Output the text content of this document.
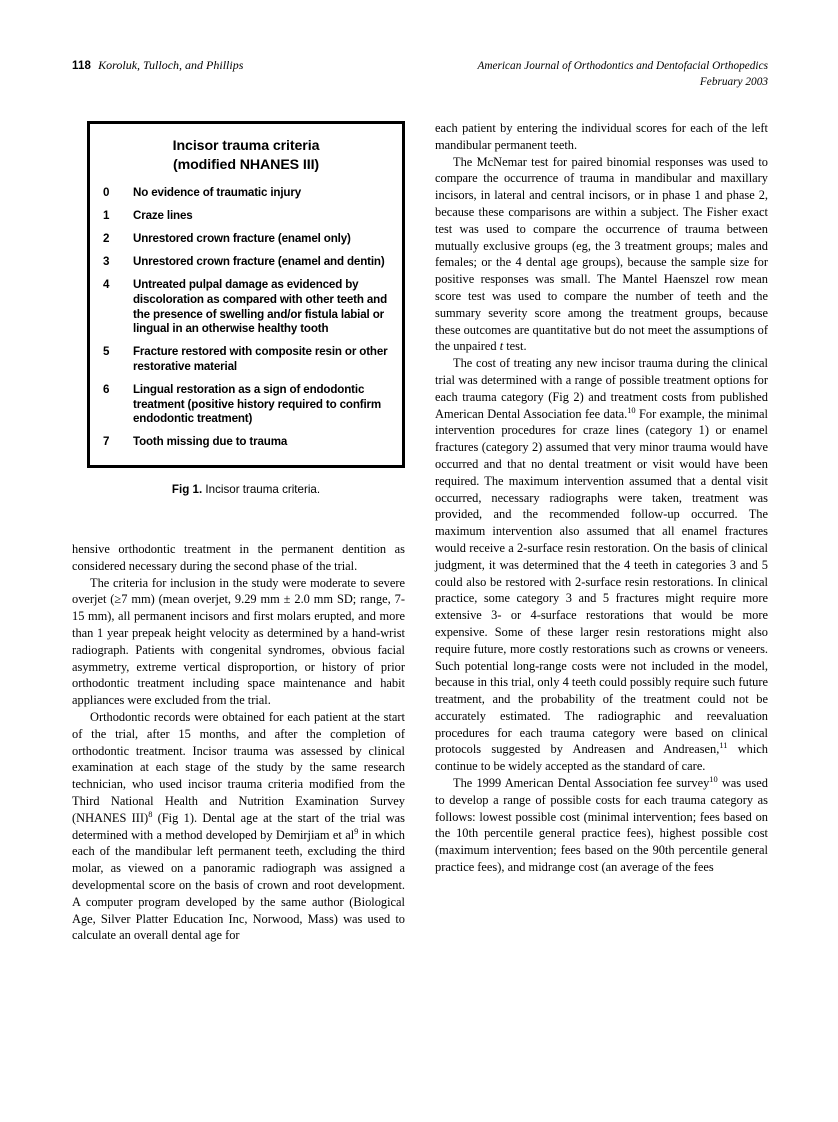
118 Koroluk, Tulloch, and Phillips	American Journal of Orthodontics and Dentofacial Orthopedics
February 2003
Incisor trauma criteria
(modified NHANES III)
0	No evidence of traumatic injury
1	Craze lines
2	Unrestored crown fracture (enamel only)
3	Unrestored crown fracture (enamel and dentin)
4	Untreated pulpal damage as evidenced by discoloration as compared with other teeth and the presence of swelling and/or fistula labial or lingual in an otherwise healthy tooth
5	Fracture restored with composite resin or other restorative material
6	Lingual restoration as a sign of endodontic treatment (positive history required to confirm endodontic treatment)
7	Tooth missing due to trauma
Fig 1. Incisor trauma criteria.

hensive orthodontic treatment in the permanent dentition as considered necessary during the second phase of the trial.

The criteria for inclusion in the study were moderate to severe overjet (≥7 mm) (mean overjet, 9.29 mm ± 2.0 mm SD; range, 7-15 mm), all permanent incisors and first molars erupted, and more than 1 year prepeak height velocity as determined by a hand-wrist radiograph. Patients with congenital syndromes, obvious facial asymmetry, extreme vertical disproportion, or history of prior orthodontic treatment including space maintenance and habit appliances were excluded from the trial.

Orthodontic records were obtained for each patient at the start of the trial, after 15 months, and after the completion of orthodontic treatment. Incisor trauma was assessed by clinical examination at each stage of the study by the same research technician, who used incisor trauma criteria modified from the Third National Health and Nutrition Examination Survey (NHANES III)$^8$ (Fig 1). Dental age at the start of the trial was determined with a method developed by Demirjiam et $al^9$ in which each of the mandibular left permanent teeth, excluding the third molar, as viewed on a panoramic radiograph was assigned a developmental score on the basis of crown and root development. A computer program developed by the same author (Biological Age, Silver Platter Education Inc, Norwood, Mass) was used to calculate an overall dental age for

each patient by entering the individual scores for each of the left mandibular permanent teeth.

The McNemar test for paired binomial responses was used to compare the occurrence of trauma in mandibular and maxillary incisors, in lateral and central incisors, or in phase 1 and phase 2, because these comparisons are within a subject. The Fisher exact test was used to compare the occurrence of trauma between mutually exclusive groups (eg, the 3 treatment groups; males and females; or the 4 dental age groups), because the sample size for positive responses was small. The Mantel Haenszel row mean score test was used to compare the number of teeth and the summary severity score among the treatment groups, because these outcomes are quantitative but do not meet the assumptions of the unpaired t test.

The cost of treating any new incisor trauma during the clinical trial was determined with a range of possible treatment options for each trauma category (Fig 2) and treatment costs from published American Dental Association fee data.$^{10}$ For example, the minimal intervention procedures for craze lines (category 1) or enamel fractures (category 2) assumed that very minor trauma would have occurred and that no dental treatment or visit would have been required. The maximum intervention assumed that a dental visit occurred, necessary radiographs were taken, treatment was provided, and the recommended follow-up occurred. The maximum intervention also assumed that all enamel fractures would receive a 2-surface resin restoration. On the basis of clinical judgment, it was determined that the 4 teeth in categories 3 and 5 could also be restored with 2-surface resin restorations. In clinical practice, some category 3 and 5 fractures might require more extensive 3- or 4-surface restorations that would be more expensive. Some of these larger resin restorations might also require future, more costly restorations such as crowns or veneers. Such potential long-range costs were not included in the model, because in this trial, only 4 teeth could possibly require such future treatment, and the probability of the treatment could not be accurately estimated. The radiographic and reevaluation procedures for each trauma category were based on clinical protocols suggested by Andreasen and Andreasen,$^{11}$ which continue to be widely accepted as the standard of care.

The 1999 American Dental Association fee survey$^{10}$ was used to develop a range of possible costs for each trauma category as follows: lowest possible cost (minimal intervention; fees based on the 10th percentile general practice fees), highest possible cost (maximum intervention; fees based on the 90th percentile general practice fees), and midrange cost (an average of the fees
